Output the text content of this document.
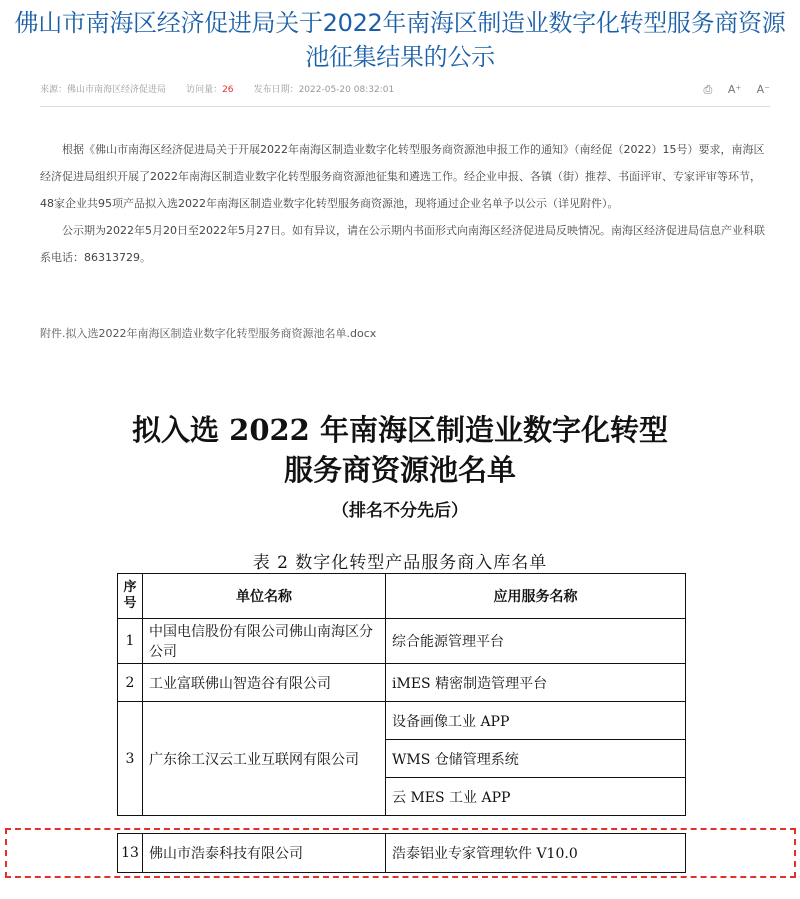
佛山市南海区经济促进局关于2022年南海区制造业数字化转型服务商资源
池征集结果的公示
来源：佛山市南海区经济促进局 访问量：26 发布日期：2022-05-20 08:32:01	⎙ A⁺ A⁻

根据《佛山市南海区经济促进局关于开展2022年南海区制造业数字化转型服务商资源池申报工作的通知》（南经促（2022）15号）要求，南海区经济促进局组织开展了2022年南海区制造业数字化转型服务商资源池征集和遴选工作。经企业申报、各镇（街）推荐、书面评审、专家评审等环节，48家企业共95项产品拟入选2022年南海区制造业数字化转型服务商资源池，现将通过企业名单予以公示（详见附件）。

公示期为2022年5月20日至2022年5月27日。如有异议，请在公示期内书面形式向南海区经济促进局反映情况。南海区经济促进局信息产业科联系电话：86313729。

附件.拟入选2022年南海区制造业数字化转型服务商资源池名单.docx
拟入选 2022 年南海区制造业数字化转型
服务商资源池名单
（排名不分先后）
表 2 数字化转型产品服务商入库名单
序
号	单位名称	应用服务名称
1	中国电信股份有限公司佛山南海区分公司	综合能源管理平台
2	工业富联佛山智造谷有限公司	iMES 精密制造管理平台
3	广东徐工汉云工业互联网有限公司	设备画像工业 APP
		WMS 仓储管理系统
		云 MES 工业 APP
13	佛山市浩泰科技有限公司	浩泰铝业专家管理软件 V10.0
